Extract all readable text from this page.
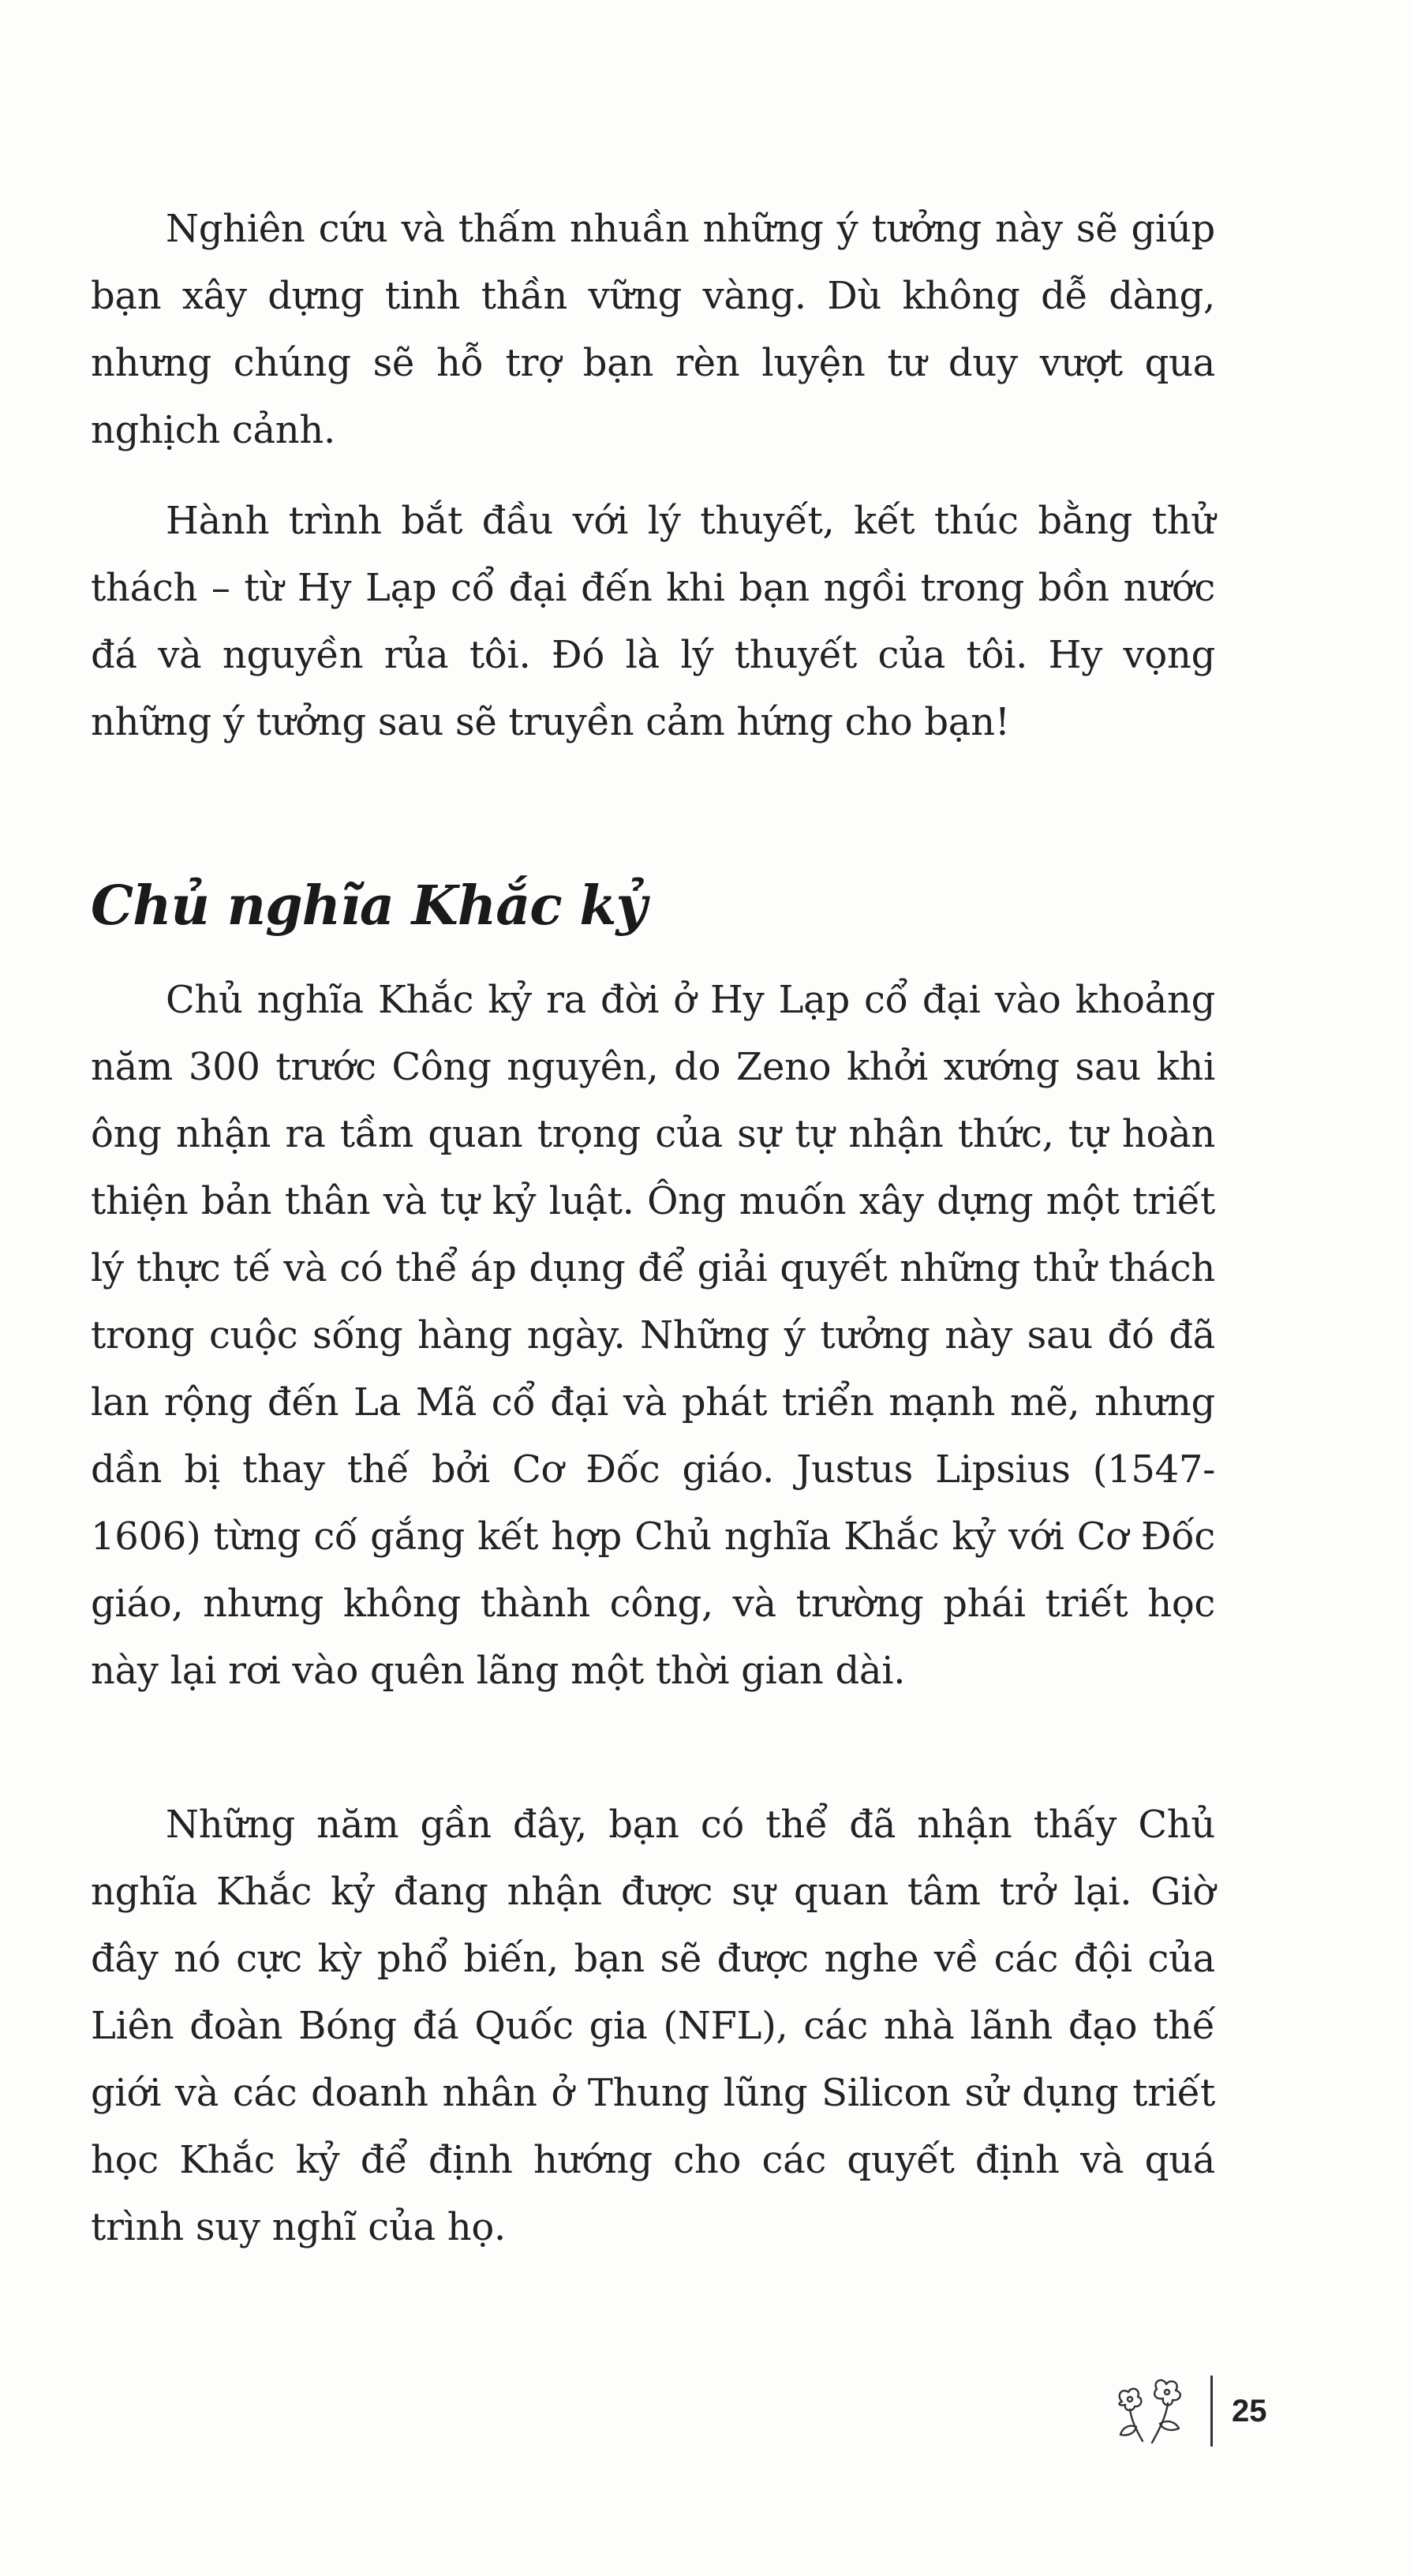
Nghiên cứu và thấm nhuần những ý tưởng này sẽ giúp bạn xây dựng tinh thần vững vàng. Dù không dễ dàng, nhưng chúng sẽ hỗ trợ bạn rèn luyện tư duy vượt qua nghịch cảnh.

Hành trình bắt đầu với lý thuyết, kết thúc bằng thử thách – từ Hy Lạp cổ đại đến khi bạn ngồi trong bồn nước đá và nguyền rủa tôi. Đó là lý thuyết của tôi. Hy vọng những ý tưởng sau sẽ truyền cảm hứng cho bạn!

Chủ nghĩa Khắc kỷ

Chủ nghĩa Khắc kỷ ra đời ở Hy Lạp cổ đại vào khoảng năm 300 trước Công nguyên, do Zeno khởi xướng sau khi ông nhận ra tầm quan trọng của sự tự nhận thức, tự hoàn thiện bản thân và tự kỷ luật. Ông muốn xây dựng một triết lý thực tế và có thể áp dụng để giải quyết những thử thách trong cuộc sống hàng ngày. Những ý tưởng này sau đó đã lan rộng đến La Mã cổ đại và phát triển mạnh mẽ, nhưng dần bị thay thế bởi Cơ Đốc giáo. Justus Lipsius (1547-1606) từng cố gắng kết hợp Chủ nghĩa Khắc kỷ với Cơ Đốc giáo, nhưng không thành công, và trường phái triết học này lại rơi vào quên lãng một thời gian dài.

Những năm gần đây, bạn có thể đã nhận thấy Chủ nghĩa Khắc kỷ đang nhận được sự quan tâm trở lại. Giờ đây nó cực kỳ phổ biến, bạn sẽ được nghe về các đội của Liên đoàn Bóng đá Quốc gia (NFL), các nhà lãnh đạo thế giới và các doanh nhân ở Thung lũng Silicon sử dụng triết học Khắc kỷ để định hướng cho các quyết định và quá trình suy nghĩ của họ.

25
